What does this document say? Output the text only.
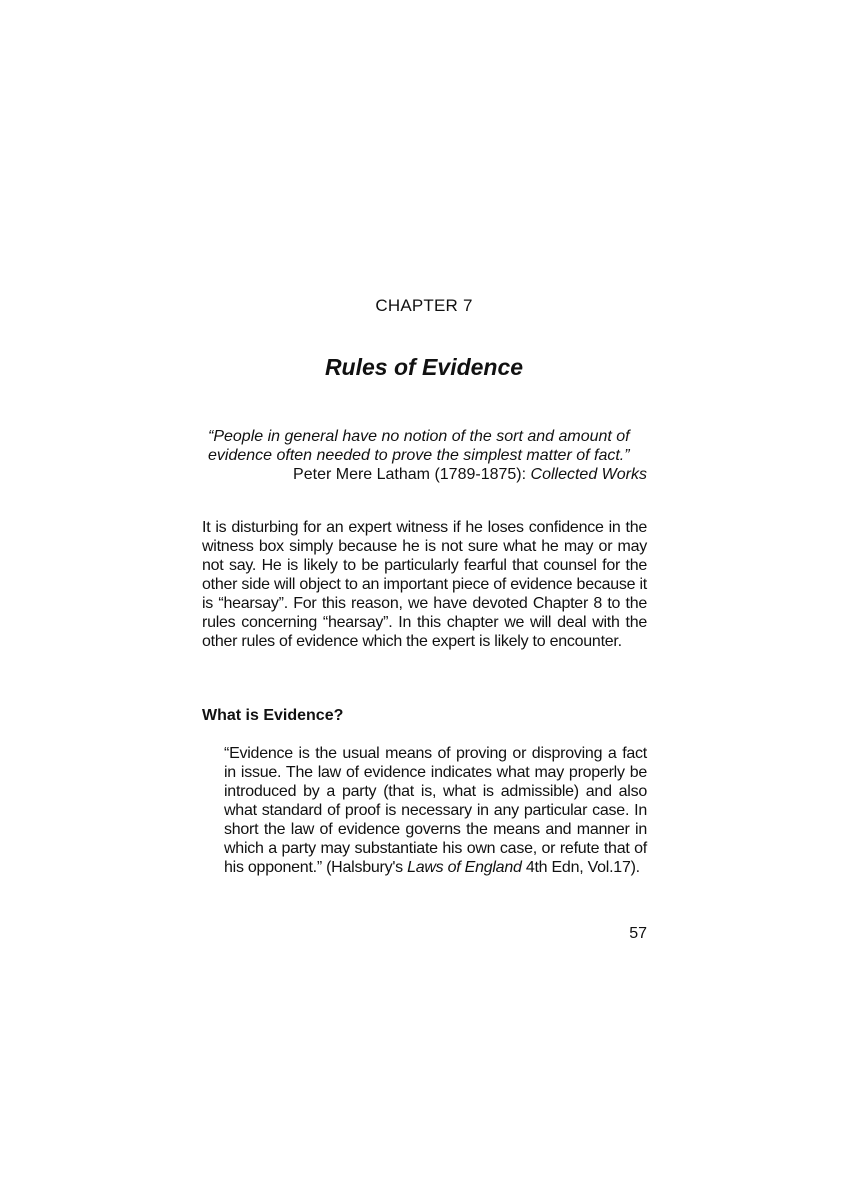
CHAPTER 7
Rules of Evidence
“People in general have no notion of the sort and amount of evidence often needed to prove the simplest matter of fact.”
Peter Mere Latham (1789-1875): Collected Works

It is disturbing for an expert witness if he loses confidence in the witness box simply because he is not sure what he may or may not say. He is likely to be particularly fearful that counsel for the other side will object to an important piece of evidence because it is “hearsay”. For this reason, we have devoted Chapter 8 to the rules concerning “hearsay”. In this chapter we will deal with the other rules of evidence which the expert is likely to encounter.

What is Evidence?

“Evidence is the usual means of proving or disproving a fact in issue. The law of evidence indicates what may properly be introduced by a party (that is, what is admissible) and also what standard of proof is necessary in any particular case. In short the law of evidence governs the means and manner in which a party may substantiate his own case, or refute that of his opponent.” (Halsbury's Laws of England 4th Edn, Vol.17).

57
